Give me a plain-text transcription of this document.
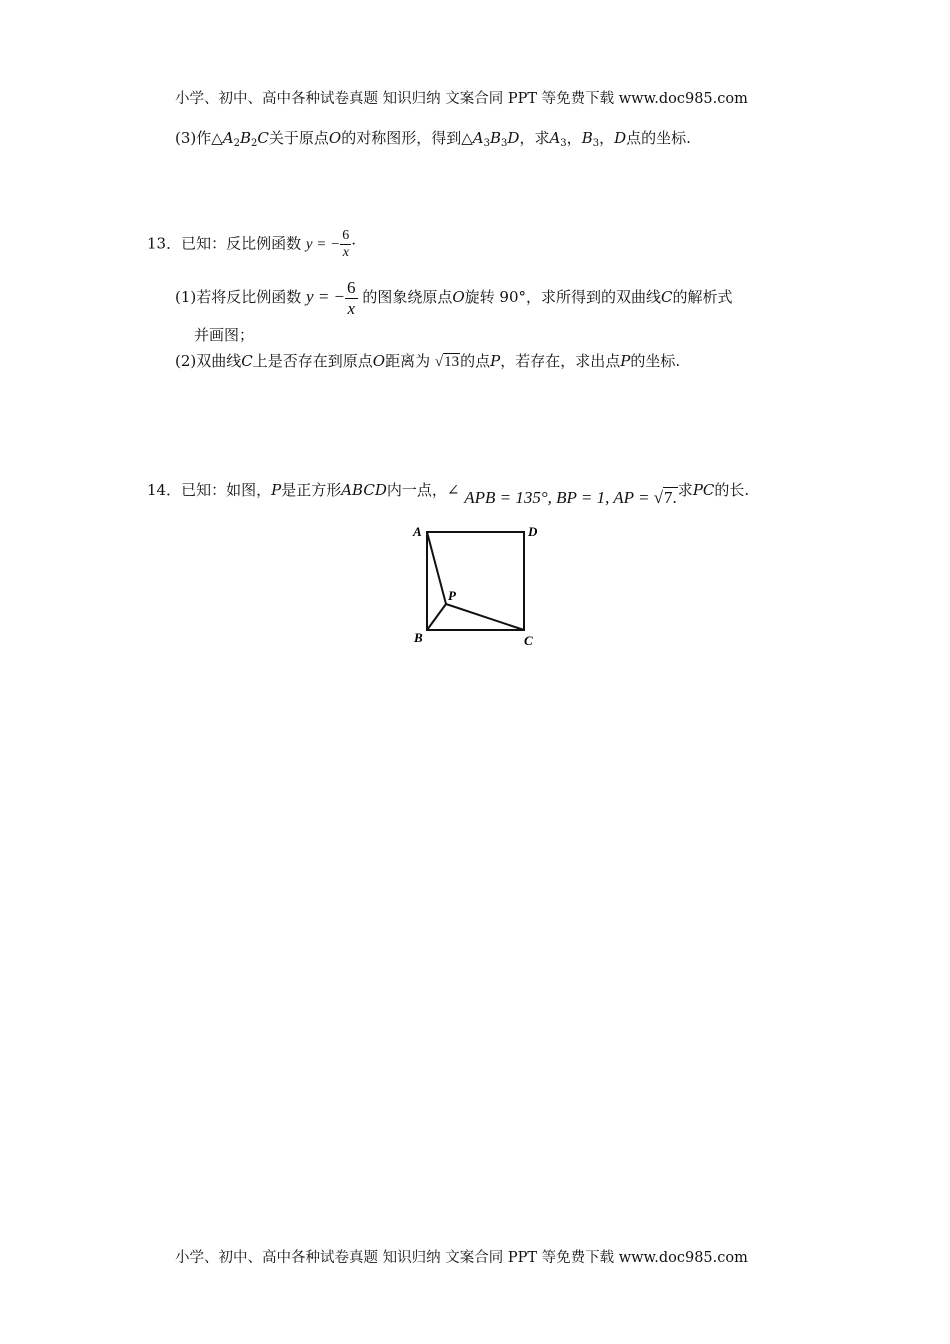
小学、初中、高中各种试卷真题 知识归纳 文案合同 PPT 等免费下载 www.doc985.com
(3)作$\triangle A_2B_2C$关于原点O的对称图形，得到$\triangle A_3B_3D$，求$A_3$，$B_3$，D点的坐标.
13．已知：反比例函数 y = − $\frac{6}{x}$ ·
(1)若将反比例函数 y = − $\frac{6}{x}$ 的图象绕原点O旋转 90°，求所得到的双曲线C的解析式
并画图；
(2)双曲线C上是否存在到原点O距离为 √13的点P，若存在，求出点P的坐标.
14．已知：如图，P是正方形ABCD内一点，∠ APB = 135°, BP = 1, AP = √7.求PC的长.
A	D
P
B	C
小学、初中、高中各种试卷真题 知识归纳 文案合同 PPT 等免费下载 www.doc985.com
